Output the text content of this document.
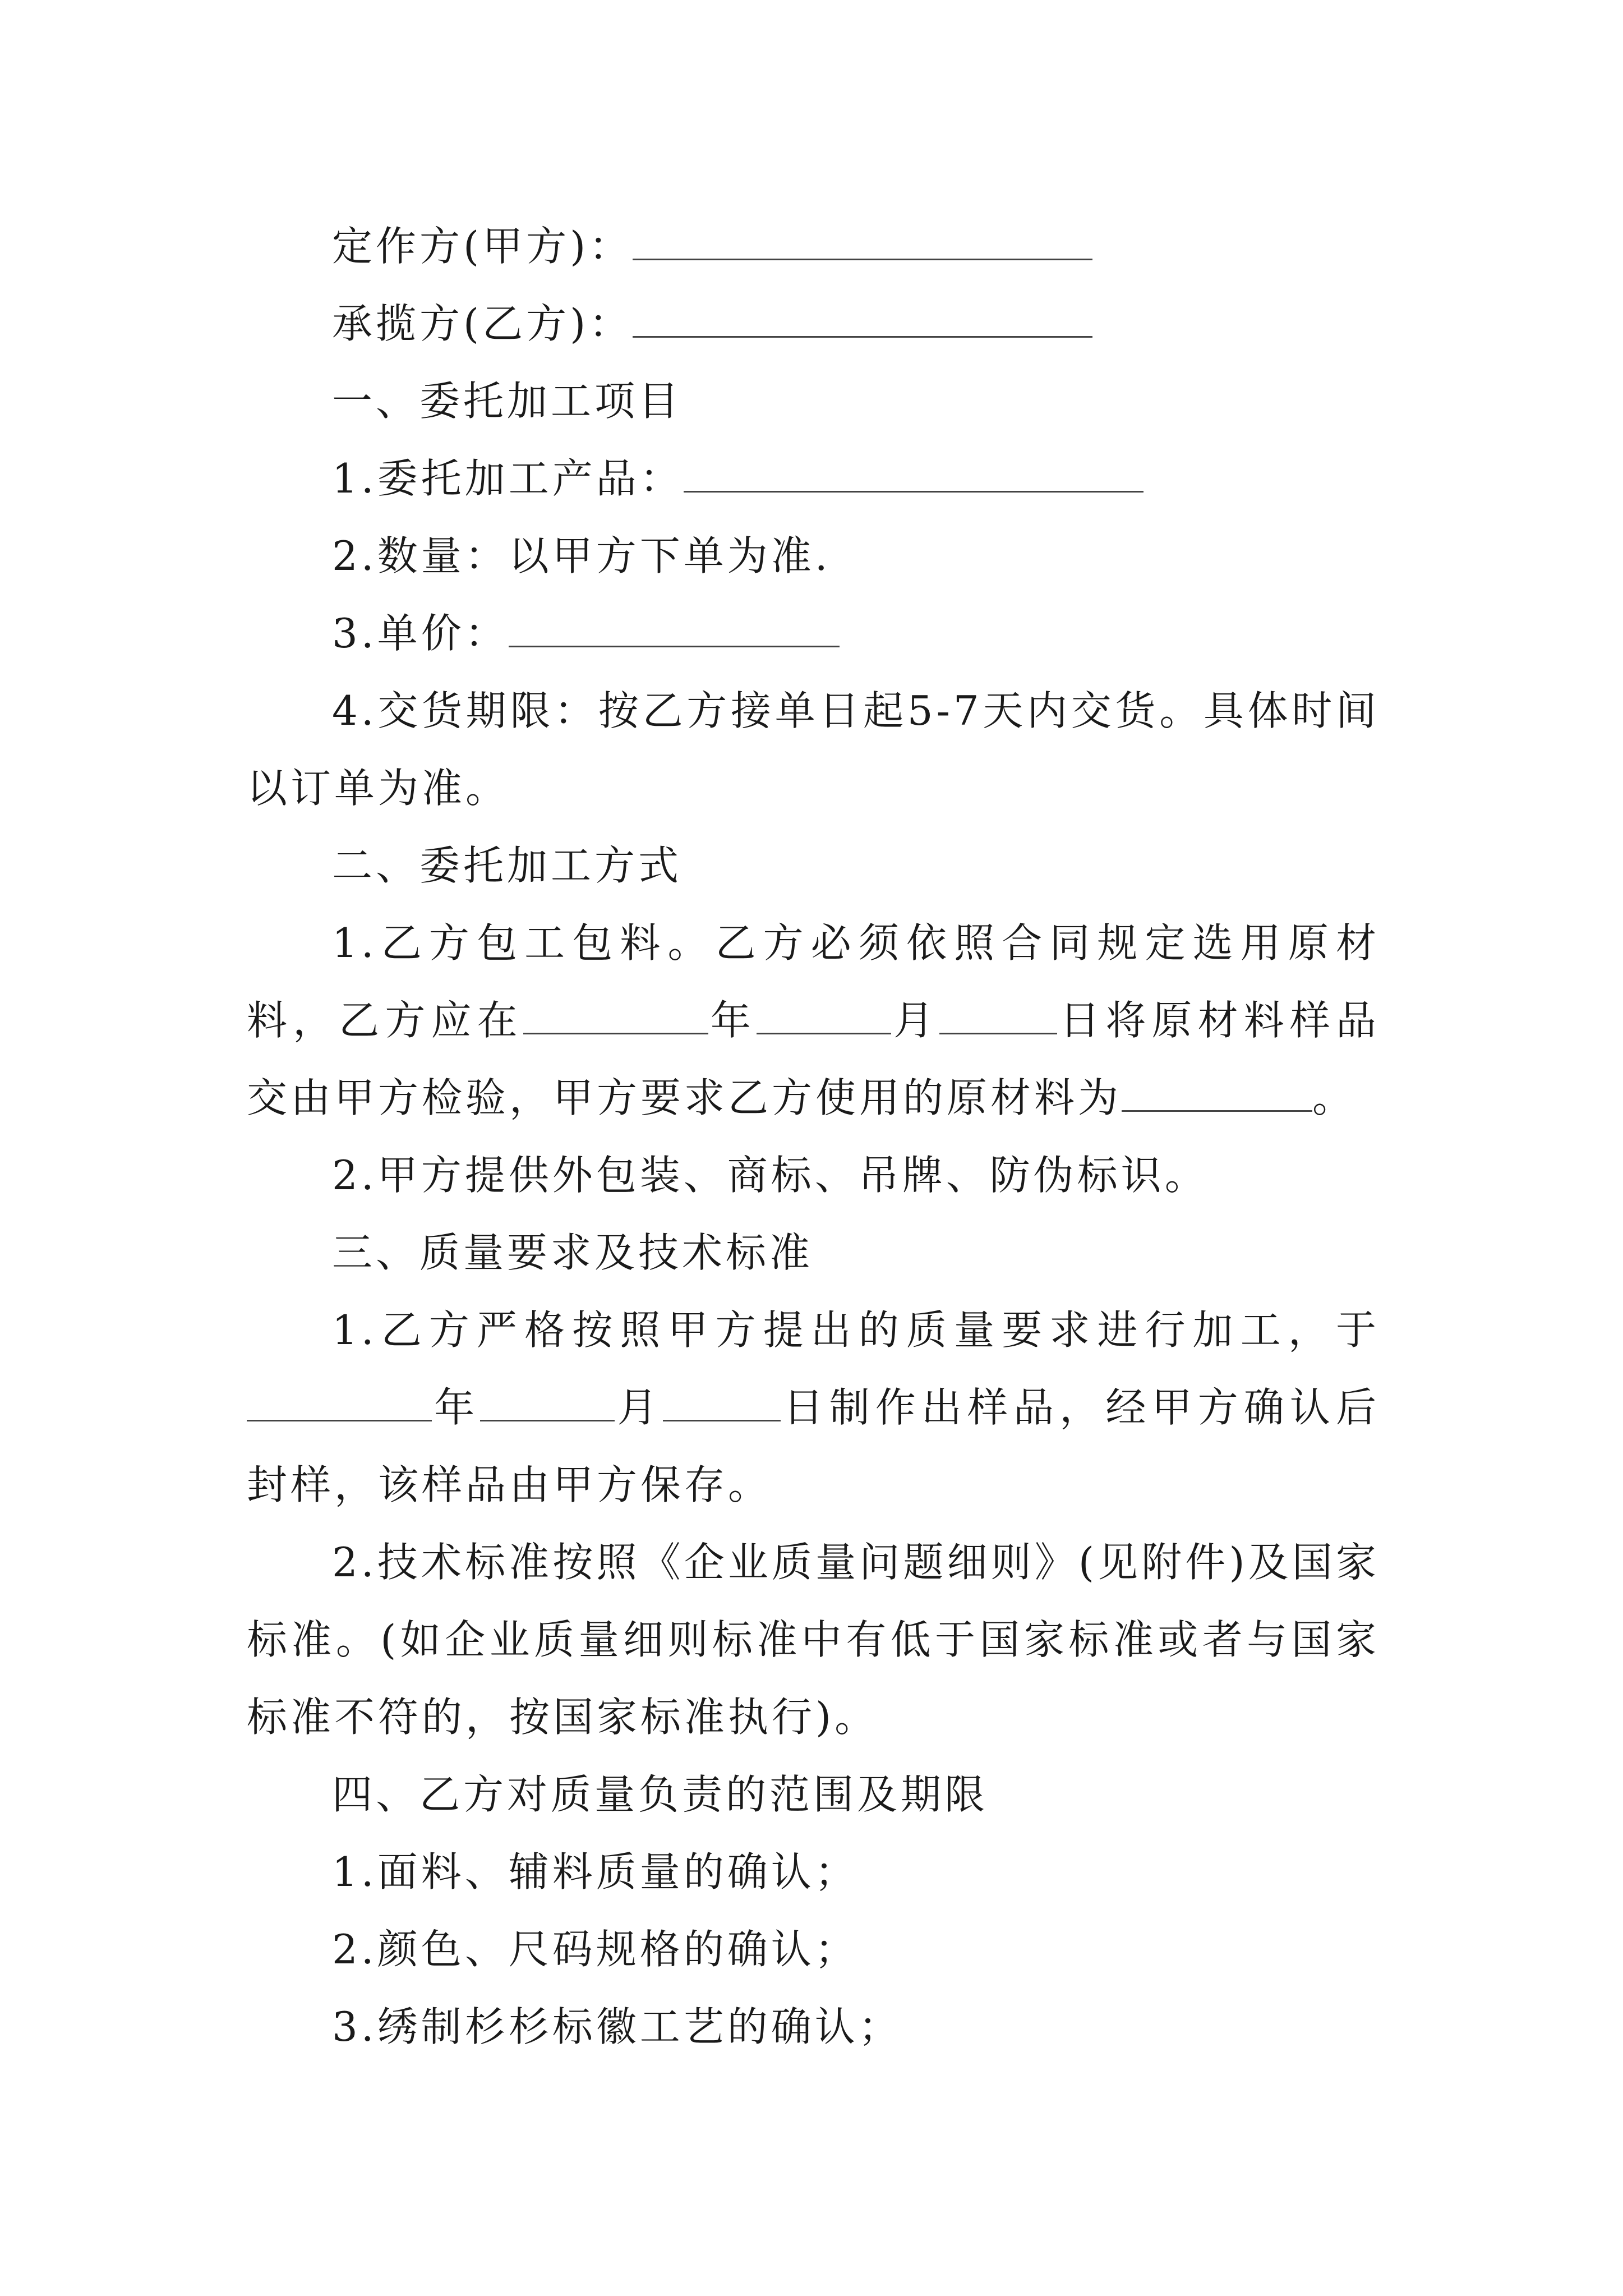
定作方(甲方)：

承揽方(乙方)：

一、委托加工项目

1.委托加工产品：

2.数量：以甲方下单为准.

3.单价：

4.交货期限：按乙方接单日起5-7天内交货。具体时间以订单为准。

二、委托加工方式

1.乙方包工包料。乙方必须依照合同规定选用原材料，乙方应在	年	月	日将原材料样品交由甲方检验，甲方要求乙方使用的原材料为	。

2.甲方提供外包装、商标、吊牌、防伪标识。

三、质量要求及技术标准

1.乙方严格按照甲方提出的质量要求进行加工，于年	月	日制作出样品，经甲方确认后封样，该样品由甲方保存。

2.技术标准按照《企业质量问题细则》(见附件)及国家标准。(如企业质量细则标准中有低于国家标准或者与国家标准不符的，按国家标准执行)。

四、乙方对质量负责的范围及期限

1.面料、辅料质量的确认；

2.颜色、尺码规格的确认；

3.绣制杉杉标徽工艺的确认；
